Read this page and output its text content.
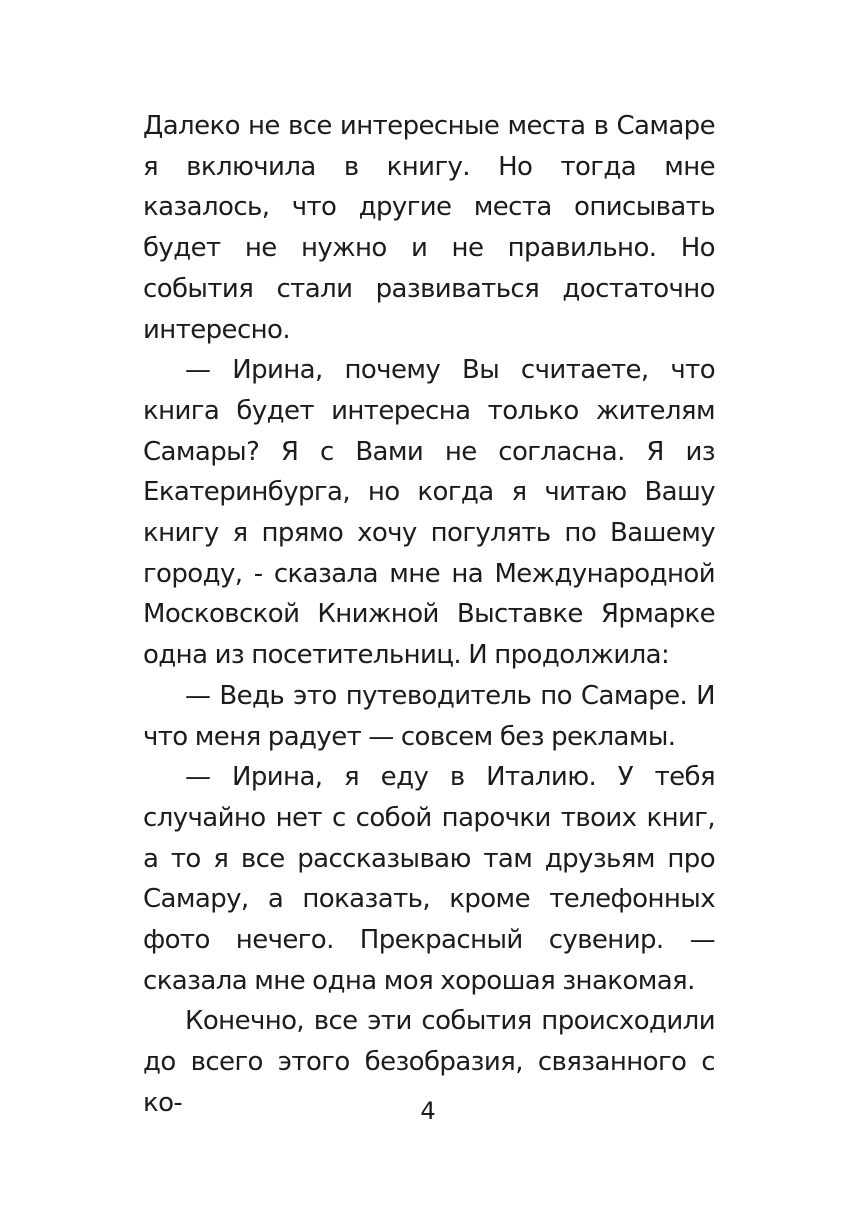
Далеко не все интересные места в Самаре я включила в книгу. Но тогда мне казалось, что другие места описывать будет не нужно и не правильно. Но события стали развиваться достаточно интересно.

— Ирина, почему Вы считаете, что книга будет интересна только жителям Самары? Я с Вами не согласна. Я из Екатеринбурга, но когда я читаю Вашу книгу я прямо хочу погулять по Вашему городу, - сказала мне на Международной Московской Книжной Выставке Ярмарке одна из посетительниц. И продолжила:

— Ведь это путеводитель по Самаре. И что меня радует — совсем без рекламы.

— Ирина, я еду в Италию. У тебя случайно нет с собой парочки твоих книг, а то я все рассказываю там друзьям про Самару, а показать, кроме телефонных фото нечего. Прекрасный сувенир. — сказала мне одна моя хорошая знакомая.

Конечно, все эти события происходили до всего этого безобразия, связанного с ко-	4
